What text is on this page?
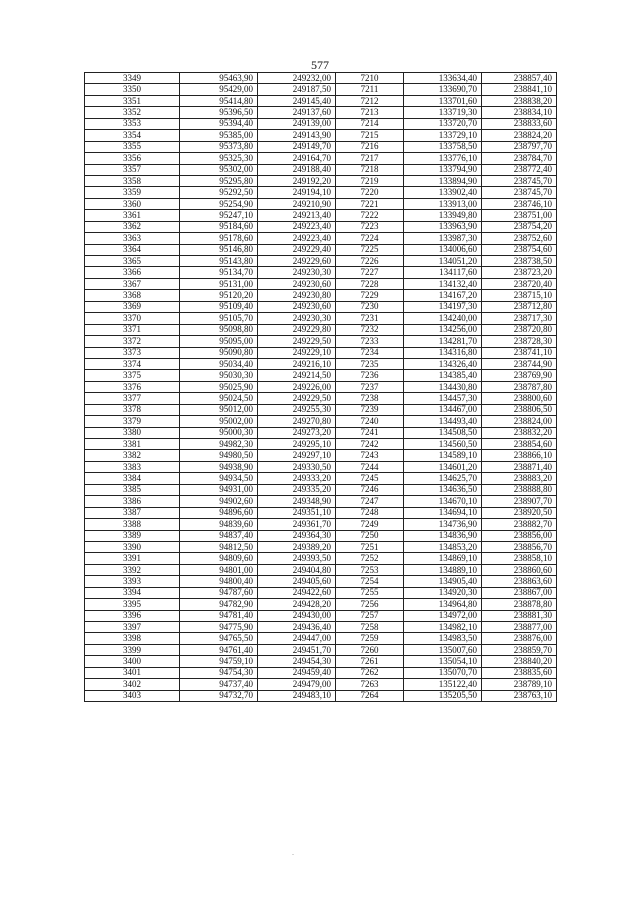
577
3349	95463,90	249232,00	7210	133634,40	238857,40
3350	95429,00	249187,50	7211	133690,70	238841,10
3351	95414,80	249145,40	7212	133701,60	238838,20
3352	95396,50	249137,60	7213	133719,30	238834,10
3353	95394,40	249139,00	7214	133720,70	238833,60
3354	95385,00	249143,90	7215	133729,10	238824,20
3355	95373,80	249149,70	7216	133758,50	238797,70
3356	95325,30	249164,70	7217	133776,10	238784,70
3357	95302,00	249188,40	7218	133794,90	238772,40
3358	95295,80	249192,20	7219	133894,90	238745,70
3359	95292,50	249194,10	7220	133902,40	238745,70
3360	95254,90	249210,90	7221	133913,00	238746,10
3361	95247,10	249213,40	7222	133949,80	238751,00
3362	95184,60	249223,40	7223	133963,90	238754,20
3363	95178,60	249223,40	7224	133987,30	238752,60
3364	95146,80	249229,40	7225	134006,60	238754,60
3365	95143,80	249229,60	7226	134051,20	238738,50
3366	95134,70	249230,30	7227	134117,60	238723,20
3367	95131,00	249230,60	7228	134132,40	238720,40
3368	95120,20	249230,80	7229	134167,20	238715,10
3369	95109,40	249230,60	7230	134197,30	238712,80
3370	95105,70	249230,30	7231	134240,00	238717,30
3371	95098,80	249229,80	7232	134256,00	238720,80
3372	95095,00	249229,50	7233	134281,70	238728,30
3373	95090,80	249229,10	7234	134316,80	238741,10
3374	95034,40	249216,10	7235	134326,40	238744,90
3375	95030,30	249214,50	7236	134385,40	238769,90
3376	95025,90	249226,00	7237	134430,80	238787,80
3377	95024,50	249229,50	7238	134457,30	238800,60
3378	95012,00	249255,30	7239	134467,00	238806,50
3379	95002,00	249270,80	7240	134493,40	238824,00
3380	95000,30	249273,20	7241	134508,50	238832,20
3381	94982,30	249295,10	7242	134560,50	238854,60
3382	94980,50	249297,10	7243	134589,10	238866,10
3383	94938,90	249330,50	7244	134601,20	238871,40
3384	94934,50	249333,20	7245	134625,70	238883,20
3385	94931,00	249335,20	7246	134636,50	238888,80
3386	94902,60	249348,90	7247	134670,10	238907,70
3387	94896,60	249351,10	7248	134694,10	238920,50
3388	94839,60	249361,70	7249	134736,90	238882,70
3389	94837,40	249364,30	7250	134836,90	238856,00
3390	94812,50	249389,20	7251	134853,20	238856,70
3391	94809,60	249393,50	7252	134869,10	238858,10
3392	94801,00	249404,80	7253	134889,10	238860,60
3393	94800,40	249405,60	7254	134905,40	238863,60
3394	94787,60	249422,60	7255	134920,30	238867,00
3395	94782,90	249428,20	7256	134964,80	238878,80
3396	94781,40	249430,00	7257	134972,00	238881,30
3397	94775,90	249436,40	7258	134982,10	238877,00
3398	94765,50	249447,00	7259	134983,50	238876,00
3399	94761,40	249451,70	7260	135007,60	238859,70
3400	94759,10	249454,30	7261	135054,10	238840,20
3401	94754,30	249459,40	7262	135070,70	238835,60
3402	94737,40	249479,00	7263	135122,40	238789,10
3403	94732,70	249483,10	7264	135205,50	238763,10
.
